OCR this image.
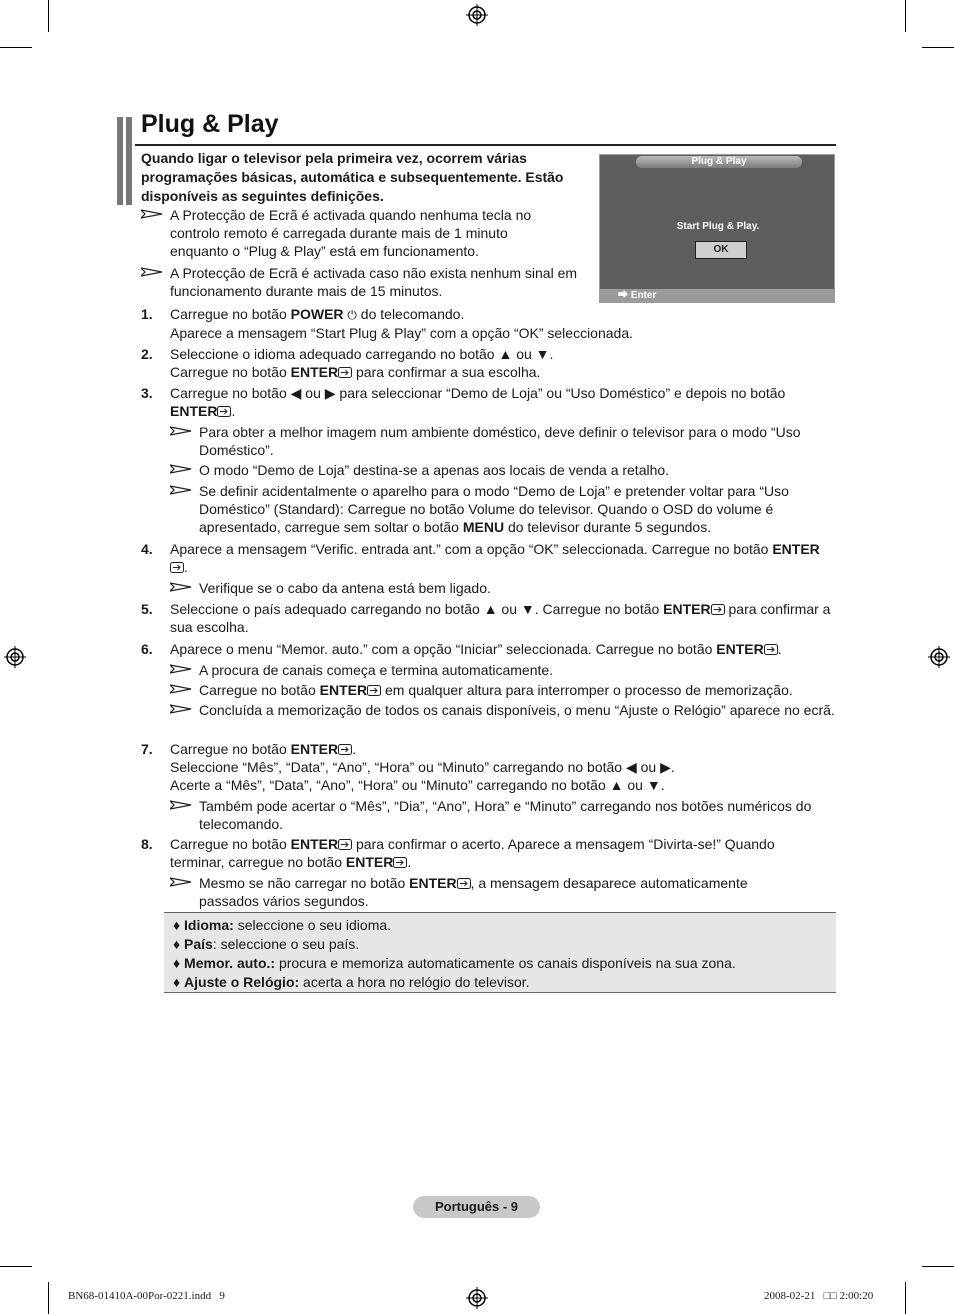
Plug & Play
Quando ligar o televisor pela primeira vez, ocorrem várias programações básicas, automática e subsequentemente. Estão disponíveis as seguintes definições.
A Protecção de Ecrã é activada quando nenhuma tecla no controlo remoto é carregada durante mais de 1 minuto enquanto o “Plug & Play” está em funcionamento.
A Protecção de Ecrã é activada caso não exista nenhum sinal em funcionamento durante mais de 15 minutos.
Plug & Play
Start Plug & Play.
OK
⮕ Enter
1. Carregue no botão POWER ⏻ do telecomando.
Aparece a mensagem “Start Plug & Play” com a opção “OK” seleccionada.
2. Seleccione o idioma adequado carregando no botão ▲ ou ▼.
Carregue no botão ENTER para confirmar a sua escolha.
3. Carregue no botão ◀ ou ▶ para seleccionar “Demo de Loja” ou “Uso Doméstico” e depois no botão ENTER .
Para obter a melhor imagem num ambiente doméstico, deve definir o televisor para o modo “Uso Doméstico”.
O modo “Demo de Loja” destina-se a apenas aos locais de venda a retalho.
Se definir acidentalmente o aparelho para o modo “Demo de Loja” e pretender voltar para “Uso Doméstico” (Standard): Carregue no botão Volume do televisor. Quando o OSD do volume é apresentado, carregue sem soltar o botão MENU do televisor durante 5 segundos.
4. Aparece a mensagem “Verific. entrada ant.” com a opção “OK” seleccionada. Carregue no botão ENTER.
Verifique se o cabo da antena está bem ligado.
5. Seleccione o país adequado carregando no botão ▲ ou ▼. Carregue no botão ENTER para confirmar a sua escolha.
6. Aparece o menu “Memor. auto.” com a opção “Iniciar” seleccionada. Carregue no botão ENTER .
A procura de canais começa e termina automaticamente.
Carregue no botão ENTER em qualquer altura para interromper o processo de memorização.
Concluída a memorização de todos os canais disponíveis, o menu “Ajuste o Relógio” aparece no ecrã.
7. Carregue no botão ENTER .
Seleccione “Mês”, “Data”, “Ano”, “Hora” ou “Minuto” carregando no botão ◀ ou ▶.
Acerte a “Mês”, “Data”, “Ano”, “Hora” ou “Minuto” carregando no botão ▲ ou ▼.
Também pode acertar o “Mês”, “Dia”, “Ano”, Hora” e “Minuto” carregando nos botões numéricos do telecomando.
8. Carregue no botão ENTER para confirmar o acerto. Aparece a mensagem “Divirta-se!” Quando terminar, carregue no botão ENTER .
Mesmo se não carregar no botão ENTER , a mensagem desaparece automaticamente passados vários segundos.
♦ Idioma: seleccione o seu idioma.
♦ País: seleccione o seu país.
♦ Memor. auto.: procura e memoriza automaticamente os canais disponíveis na sua zona.
♦ Ajuste o Relógio: acerta a hora no relógio do televisor.
Português - 9
BN68-01410A-00Por-0221.indd   9	2008-02-21   □□ 2:00:20
